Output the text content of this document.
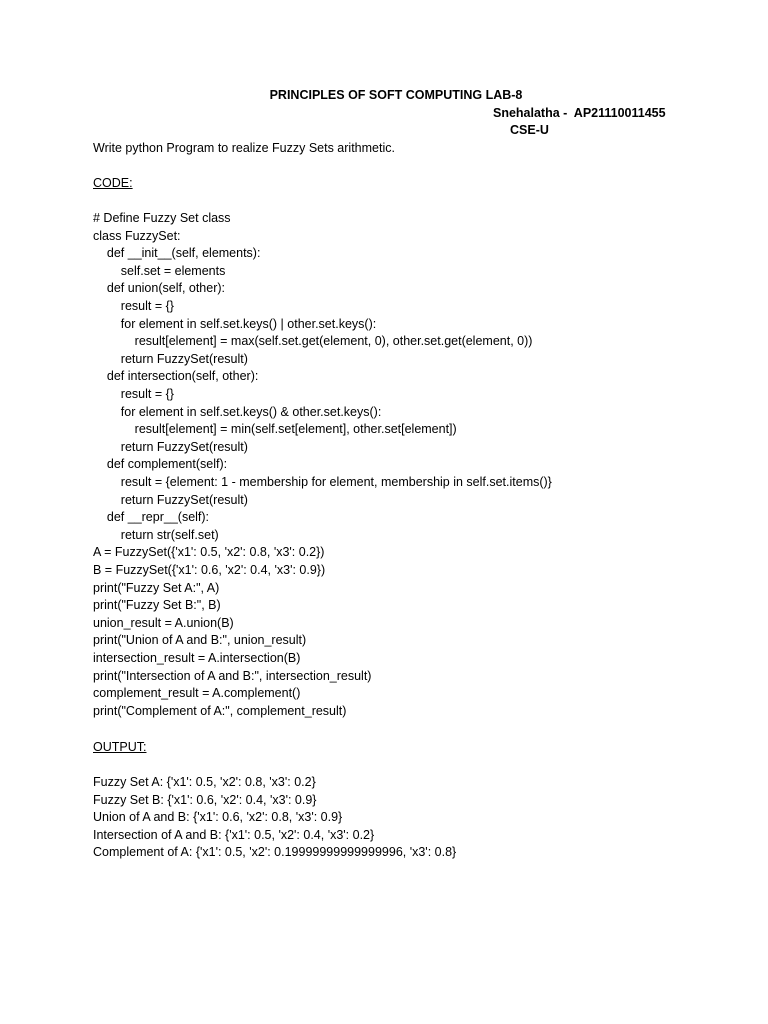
PRINCIPLES OF SOFT COMPUTING LAB-8
Snehalatha -  AP21110011455
CSE-U
Write python Program to realize Fuzzy Sets arithmetic.
CODE:
# Define Fuzzy Set class
class FuzzySet:
def __init__(self, elements):
self.set = elements
def union(self, other):
result = {}
for element in self.set.keys() | other.set.keys():
result[element] = max(self.set.get(element, 0), other.set.get(element, 0))
return FuzzySet(result)
def intersection(self, other):
result = {}
for element in self.set.keys() & other.set.keys():
result[element] = min(self.set[element], other.set[element])
return FuzzySet(result)
def complement(self):
result = {element: 1 - membership for element, membership in self.set.items()}
return FuzzySet(result)
def __repr__(self):
return str(self.set)
A = FuzzySet({'x1': 0.5, 'x2': 0.8, 'x3': 0.2})
B = FuzzySet({'x1': 0.6, 'x2': 0.4, 'x3': 0.9})
print("Fuzzy Set A:", A)
print("Fuzzy Set B:", B)
union_result = A.union(B)
print("Union of A and B:", union_result)
intersection_result = A.intersection(B)
print("Intersection of A and B:", intersection_result)
complement_result = A.complement()
print("Complement of A:", complement_result)
OUTPUT:
Fuzzy Set A: {'x1': 0.5, 'x2': 0.8, 'x3': 0.2}
Fuzzy Set B: {'x1': 0.6, 'x2': 0.4, 'x3': 0.9}
Union of A and B: {'x1': 0.6, 'x2': 0.8, 'x3': 0.9}
Intersection of A and B: {'x1': 0.5, 'x2': 0.4, 'x3': 0.2}
Complement of A: {'x1': 0.5, 'x2': 0.19999999999999996, 'x3': 0.8}
